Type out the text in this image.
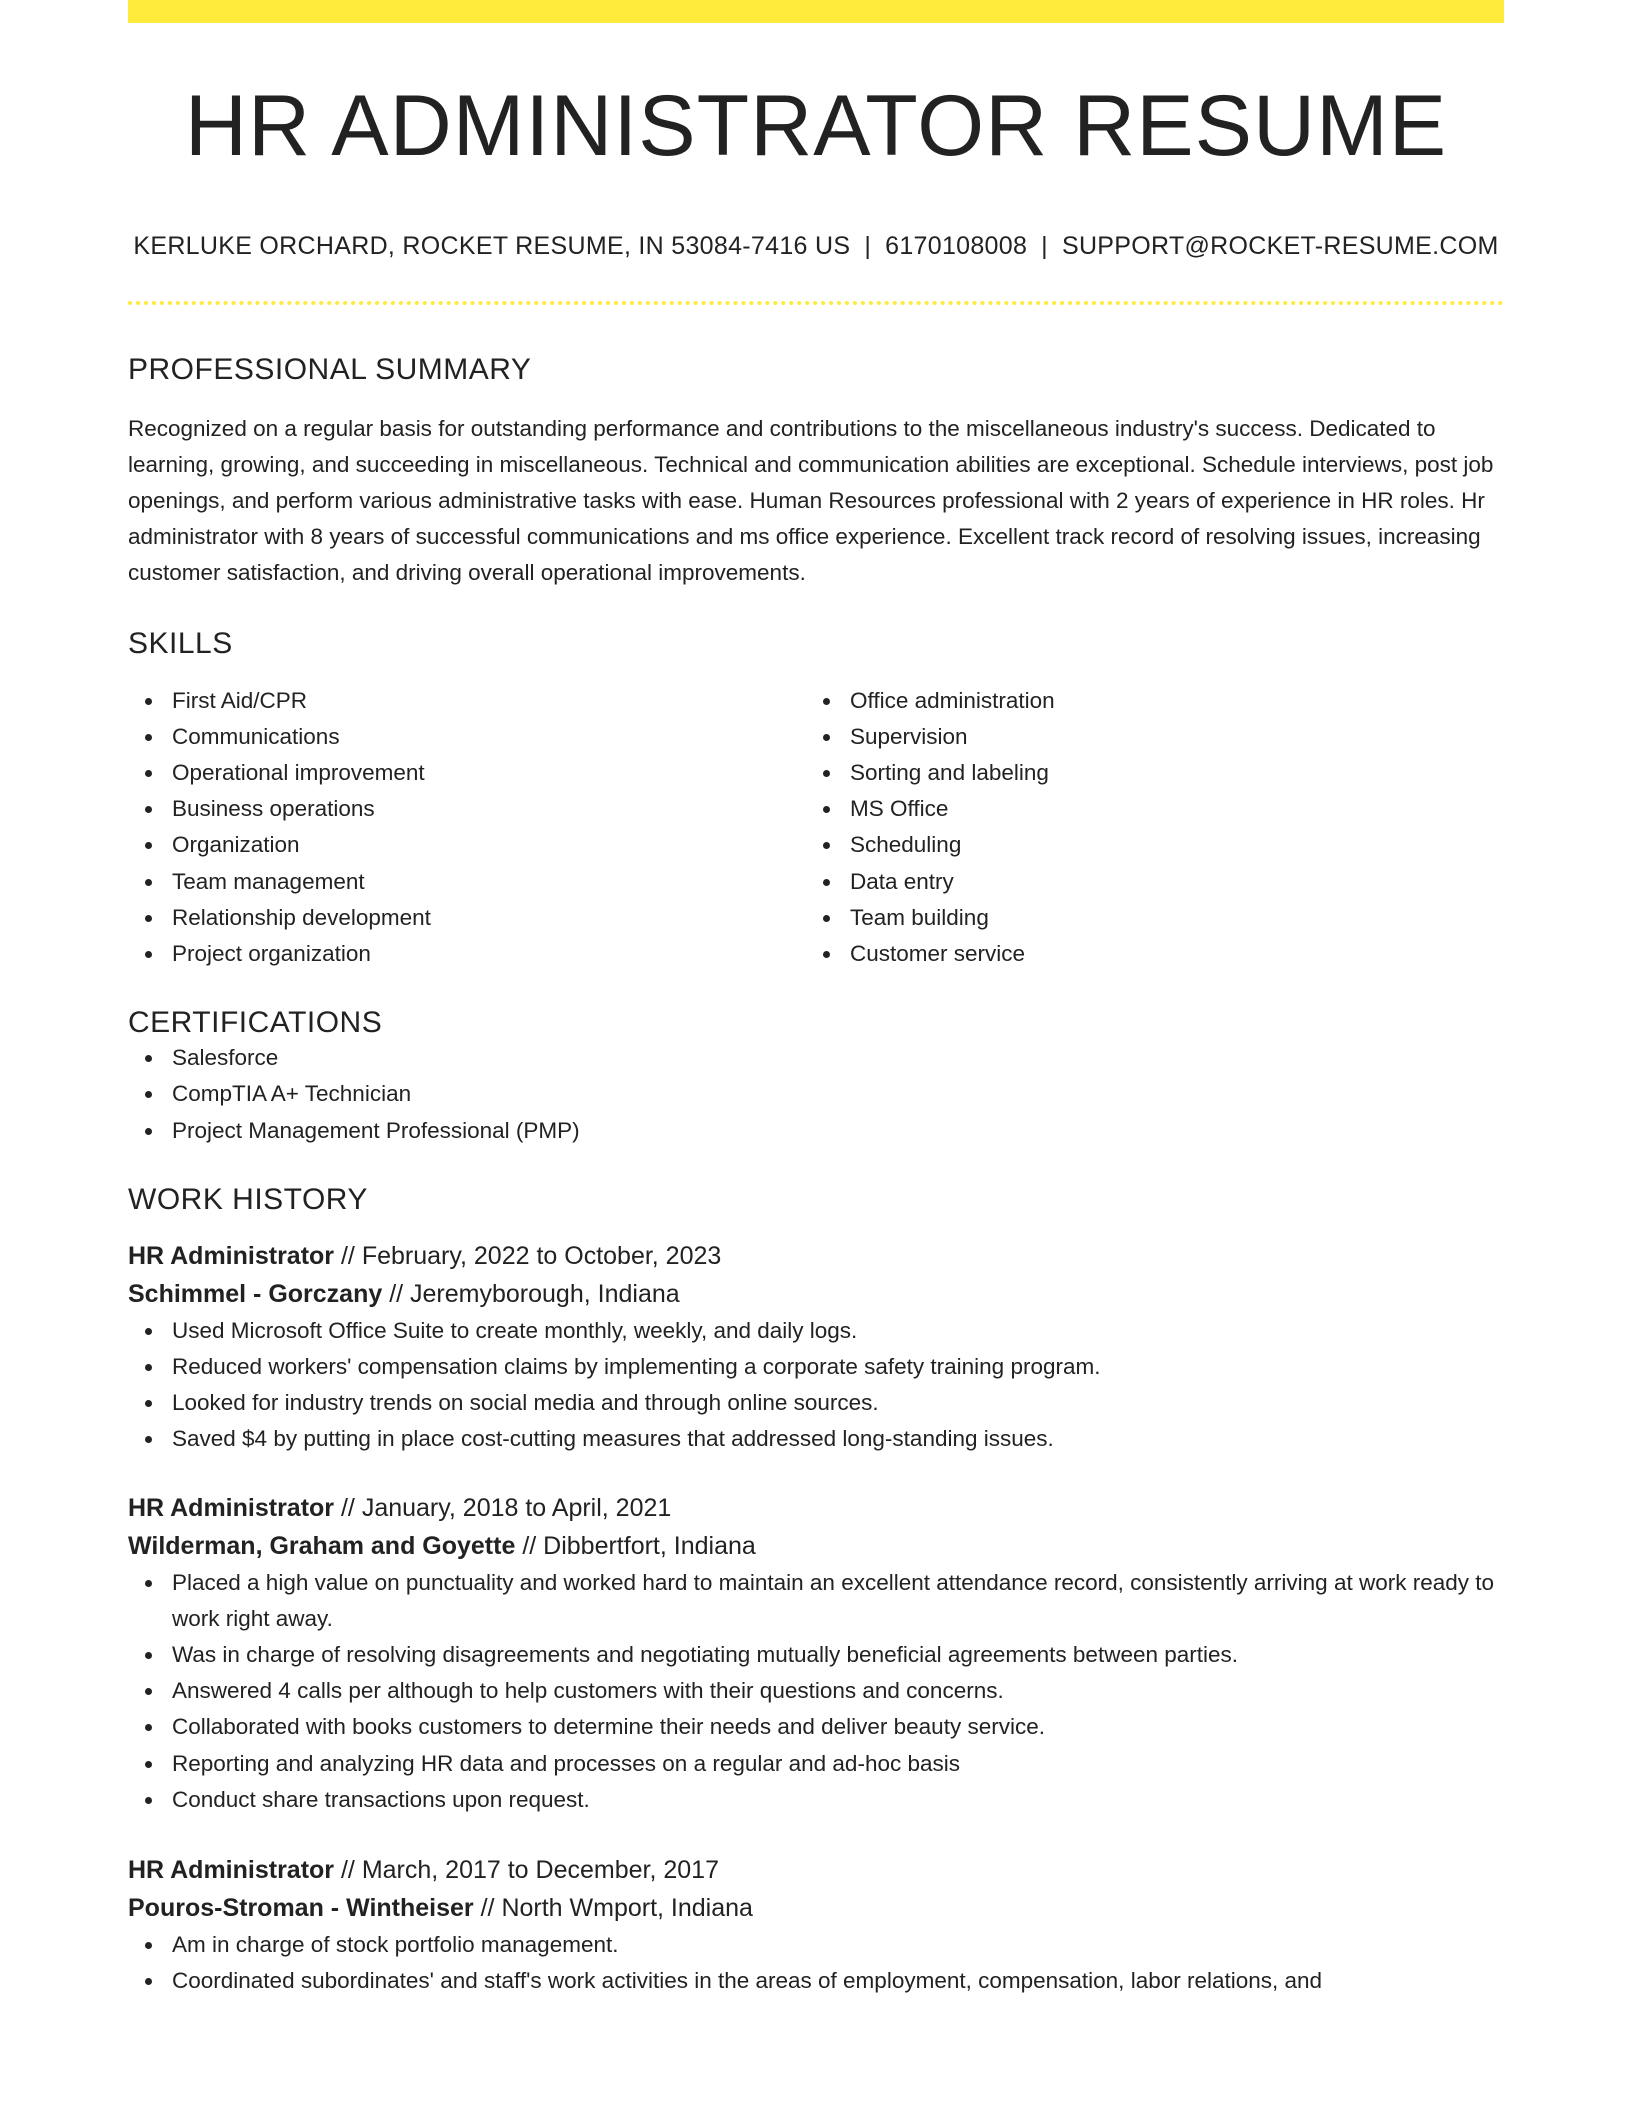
HR ADMINISTRATOR RESUME
KERLUKE ORCHARD, ROCKET RESUME, IN 53084-7416 US | 6170108008 | SUPPORT@ROCKET-RESUME.COM
PROFESSIONAL SUMMARY
Recognized on a regular basis for outstanding performance and contributions to the miscellaneous industry's success. Dedicated to learning, growing, and succeeding in miscellaneous. Technical and communication abilities are exceptional. Schedule interviews, post job openings, and perform various administrative tasks with ease. Human Resources professional with 2 years of experience in HR roles. Hr administrator with 8 years of successful communications and ms office experience. Excellent track record of resolving issues, increasing customer satisfaction, and driving overall operational improvements.
SKILLS
First Aid/CPR
Communications
Operational improvement
Business operations
Organization
Team management
Relationship development
Project organization
Office administration
Supervision
Sorting and labeling
MS Office
Scheduling
Data entry
Team building
Customer service
CERTIFICATIONS
Salesforce
CompTIA A+ Technician
Project Management Professional (PMP)
WORK HISTORY
HR Administrator // February, 2022 to October, 2023
Schimmel - Gorczany // Jeremyborough, Indiana
Used Microsoft Office Suite to create monthly, weekly, and daily logs.
Reduced workers' compensation claims by implementing a corporate safety training program.
Looked for industry trends on social media and through online sources.
Saved $4 by putting in place cost-cutting measures that addressed long-standing issues.
HR Administrator // January, 2018 to April, 2021
Wilderman, Graham and Goyette // Dibbertfort, Indiana
Placed a high value on punctuality and worked hard to maintain an excellent attendance record, consistently arriving at work ready to work right away.
Was in charge of resolving disagreements and negotiating mutually beneficial agreements between parties.
Answered 4 calls per although to help customers with their questions and concerns.
Collaborated with books customers to determine their needs and deliver beauty service.
Reporting and analyzing HR data and processes on a regular and ad-hoc basis
Conduct share transactions upon request.
HR Administrator // March, 2017 to December, 2017
Pouros-Stroman - Wintheiser // North Wmport, Indiana
Am in charge of stock portfolio management.
Coordinated subordinates' and staff's work activities in the areas of employment, compensation, labor relations, and
